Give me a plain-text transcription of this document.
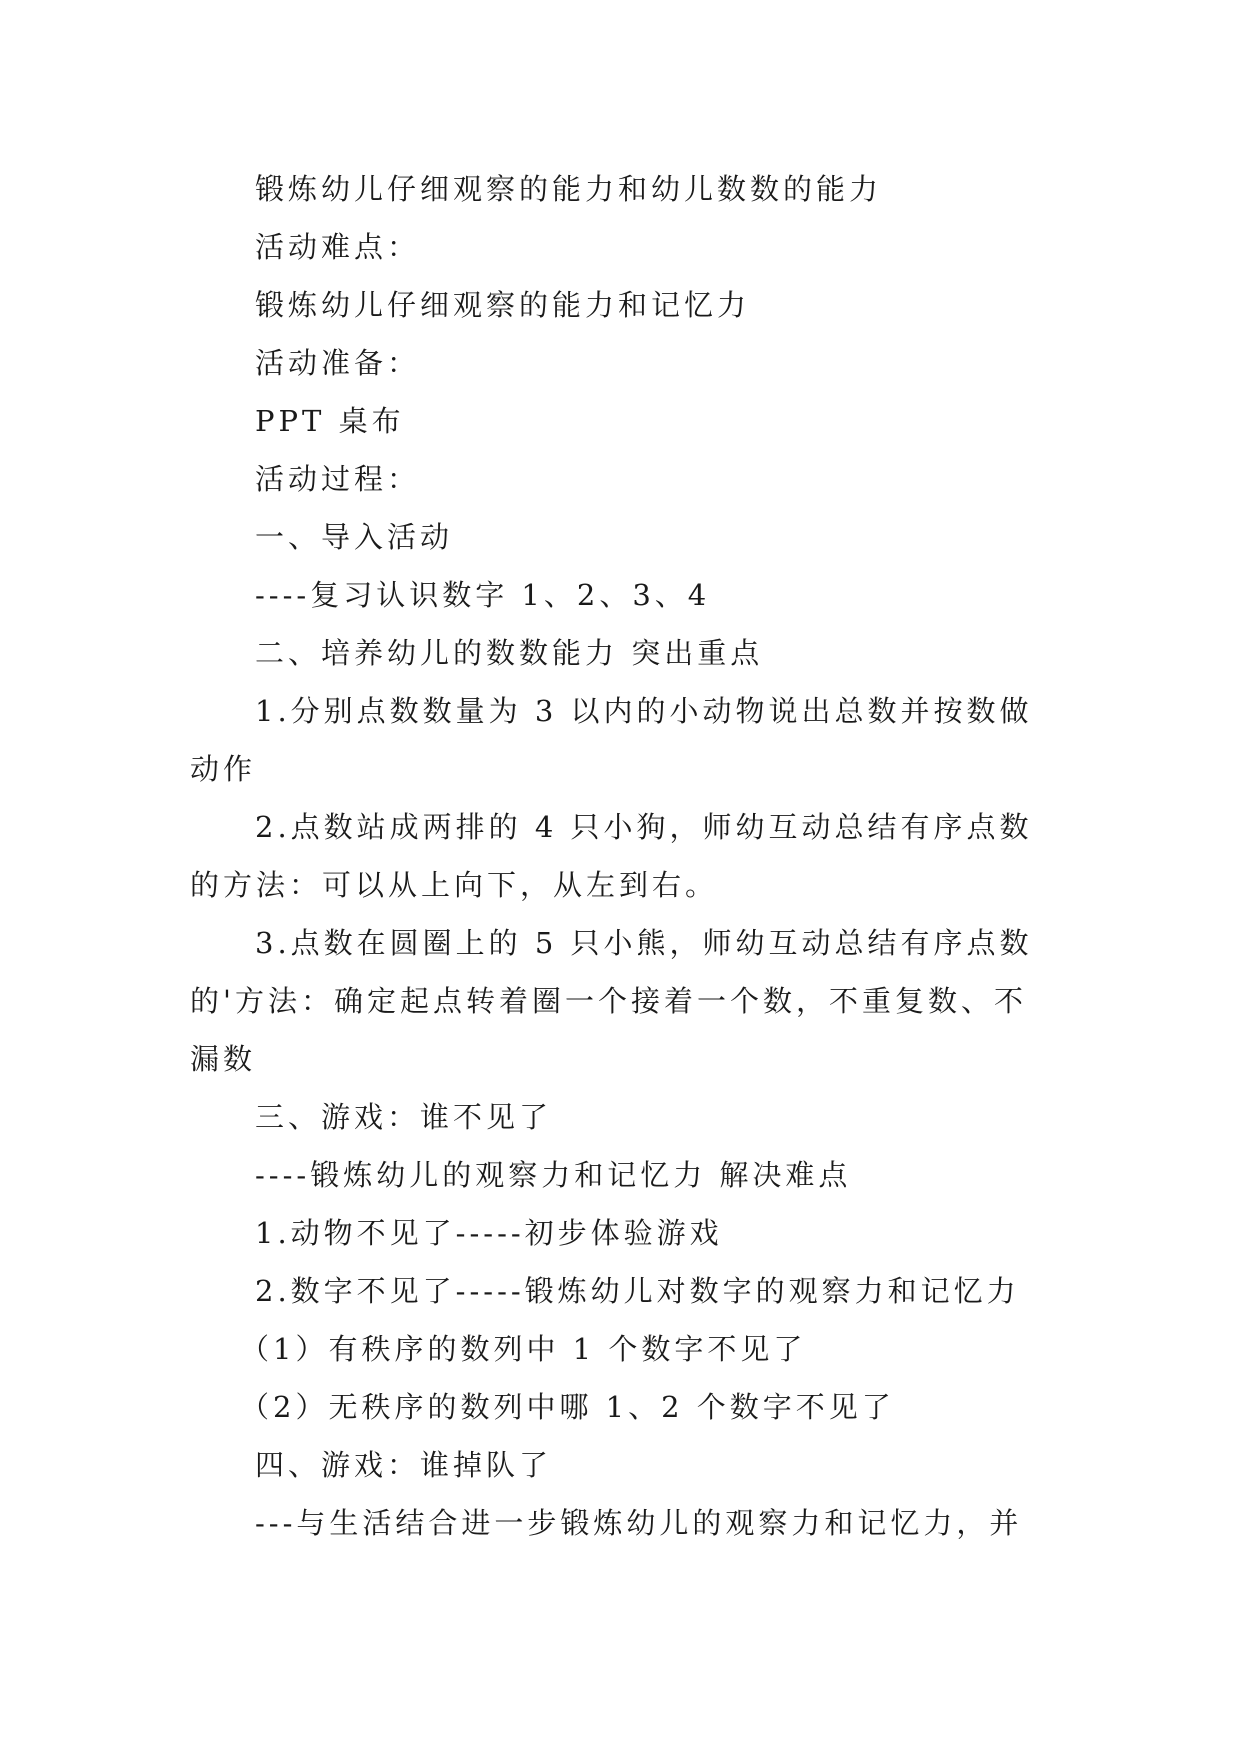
锻炼幼儿仔细观察的能力和幼儿数数的能力
活动难点：
锻炼幼儿仔细观察的能力和记忆力
活动准备：
PPT 桌布
活动过程：
一、导入活动
----复习认识数字 1、2、3、4
二、培养幼儿的数数能力 突出重点
1.分别点数数量为 3 以内的小动物说出总数并按数做动作
2.点数站成两排的 4 只小狗，师幼互动总结有序点数的方法：可以从上向下，从左到右。
3.点数在圆圈上的 5 只小熊，师幼互动总结有序点数的'方法：确定起点转着圈一个接着一个数，不重复数、不漏数
三、游戏：谁不见了
----锻炼幼儿的观察力和记忆力 解决难点
1.动物不见了-----初步体验游戏
2.数字不见了-----锻炼幼儿对数字的观察力和记忆力
（1）有秩序的数列中 1 个数字不见了
（2）无秩序的数列中哪 1、2 个数字不见了
四、游戏：谁掉队了
---与生活结合进一步锻炼幼儿的观察力和记忆力，并
